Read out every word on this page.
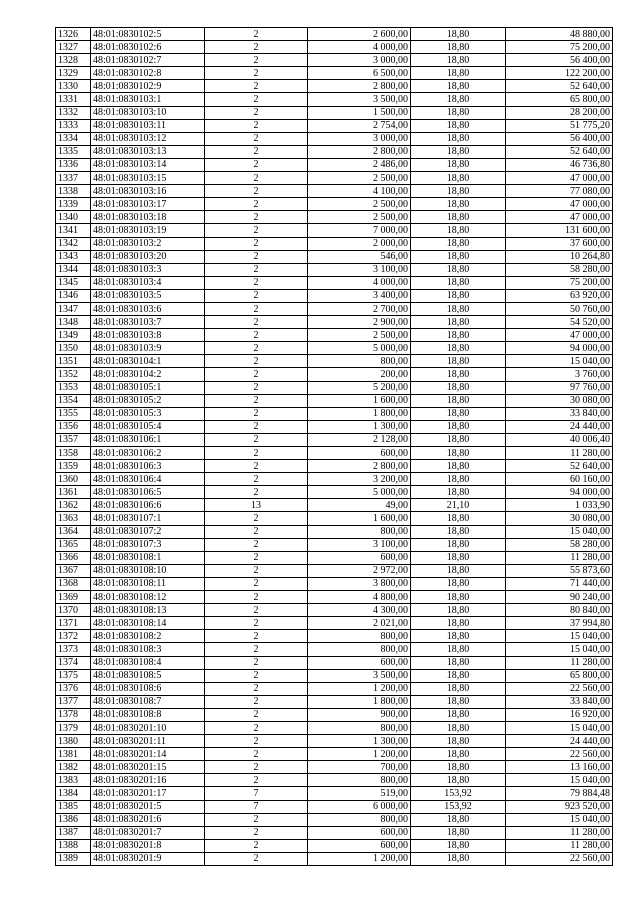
1326	48:01:0830102:5	2	2 600,00	18,80	48 880,00
1327	48:01:0830102:6	2	4 000,00	18,80	75 200,00
1328	48:01:0830102:7	2	3 000,00	18,80	56 400,00
1329	48:01:0830102:8	2	6 500,00	18,80	122 200,00
1330	48:01:0830102:9	2	2 800,00	18,80	52 640,00
1331	48:01:0830103:1	2	3 500,00	18,80	65 800,00
1332	48:01:0830103:10	2	1 500,00	18,80	28 200,00
1333	48:01:0830103:11	2	2 754,00	18,80	51 775,20
1334	48:01:0830103:12	2	3 000,00	18,80	56 400,00
1335	48:01:0830103:13	2	2 800,00	18,80	52 640,00
1336	48:01:0830103:14	2	2 486,00	18,80	46 736,80
1337	48:01:0830103:15	2	2 500,00	18,80	47 000,00
1338	48:01:0830103:16	2	4 100,00	18,80	77 080,00
1339	48:01:0830103:17	2	2 500,00	18,80	47 000,00
1340	48:01:0830103:18	2	2 500,00	18,80	47 000,00
1341	48:01:0830103:19	2	7 000,00	18,80	131 600,00
1342	48:01:0830103:2	2	2 000,00	18,80	37 600,00
1343	48:01:0830103:20	2	546,00	18,80	10 264,80
1344	48:01:0830103:3	2	3 100,00	18,80	58 280,00
1345	48:01:0830103:4	2	4 000,00	18,80	75 200,00
1346	48:01:0830103:5	2	3 400,00	18,80	63 920,00
1347	48:01:0830103:6	2	2 700,00	18,80	50 760,00
1348	48:01:0830103:7	2	2 900,00	18,80	54 520,00
1349	48:01:0830103:8	2	2 500,00	18,80	47 000,00
1350	48:01:0830103:9	2	5 000,00	18,80	94 000,00
1351	48:01:0830104:1	2	800,00	18,80	15 040,00
1352	48:01:0830104:2	2	200,00	18,80	3 760,00
1353	48:01:0830105:1	2	5 200,00	18,80	97 760,00
1354	48:01:0830105:2	2	1 600,00	18,80	30 080,00
1355	48:01:0830105:3	2	1 800,00	18,80	33 840,00
1356	48:01:0830105:4	2	1 300,00	18,80	24 440,00
1357	48:01:0830106:1	2	2 128,00	18,80	40 006,40
1358	48:01:0830106:2	2	600,00	18,80	11 280,00
1359	48:01:0830106:3	2	2 800,00	18,80	52 640,00
1360	48:01:0830106:4	2	3 200,00	18,80	60 160,00
1361	48:01:0830106:5	2	5 000,00	18,80	94 000,00
1362	48:01:0830106:6	13	49,00	21,10	1 033,90
1363	48:01:0830107:1	2	1 600,00	18,80	30 080,00
1364	48:01:0830107:2	2	800,00	18,80	15 040,00
1365	48:01:0830107:3	2	3 100,00	18,80	58 280,00
1366	48:01:0830108:1	2	600,00	18,80	11 280,00
1367	48:01:0830108:10	2	2 972,00	18,80	55 873,60
1368	48:01:0830108:11	2	3 800,00	18,80	71 440,00
1369	48:01:0830108:12	2	4 800,00	18,80	90 240,00
1370	48:01:0830108:13	2	4 300,00	18,80	80 840,00
1371	48:01:0830108:14	2	2 021,00	18,80	37 994,80
1372	48:01:0830108:2	2	800,00	18,80	15 040,00
1373	48:01:0830108:3	2	800,00	18,80	15 040,00
1374	48:01:0830108:4	2	600,00	18,80	11 280,00
1375	48:01:0830108:5	2	3 500,00	18,80	65 800,00
1376	48:01:0830108:6	2	1 200,00	18,80	22 560,00
1377	48:01:0830108:7	2	1 800,00	18,80	33 840,00
1378	48:01:0830108:8	2	900,00	18,80	16 920,00
1379	48:01:0830201:10	2	800,00	18,80	15 040,00
1380	48:01:0830201:11	2	1 300,00	18,80	24 440,00
1381	48:01:0830201:14	2	1 200,00	18,80	22 560,00
1382	48:01:0830201:15	2	700,00	18,80	13 160,00
1383	48:01:0830201:16	2	800,00	18,80	15 040,00
1384	48:01:0830201:17	7	519,00	153,92	79 884,48
1385	48:01:0830201:5	7	6 000,00	153,92	923 520,00
1386	48:01:0830201:6	2	800,00	18,80	15 040,00
1387	48:01:0830201:7	2	600,00	18,80	11 280,00
1388	48:01:0830201:8	2	600,00	18,80	11 280,00
1389	48:01:0830201:9	2	1 200,00	18,80	22 560,00
